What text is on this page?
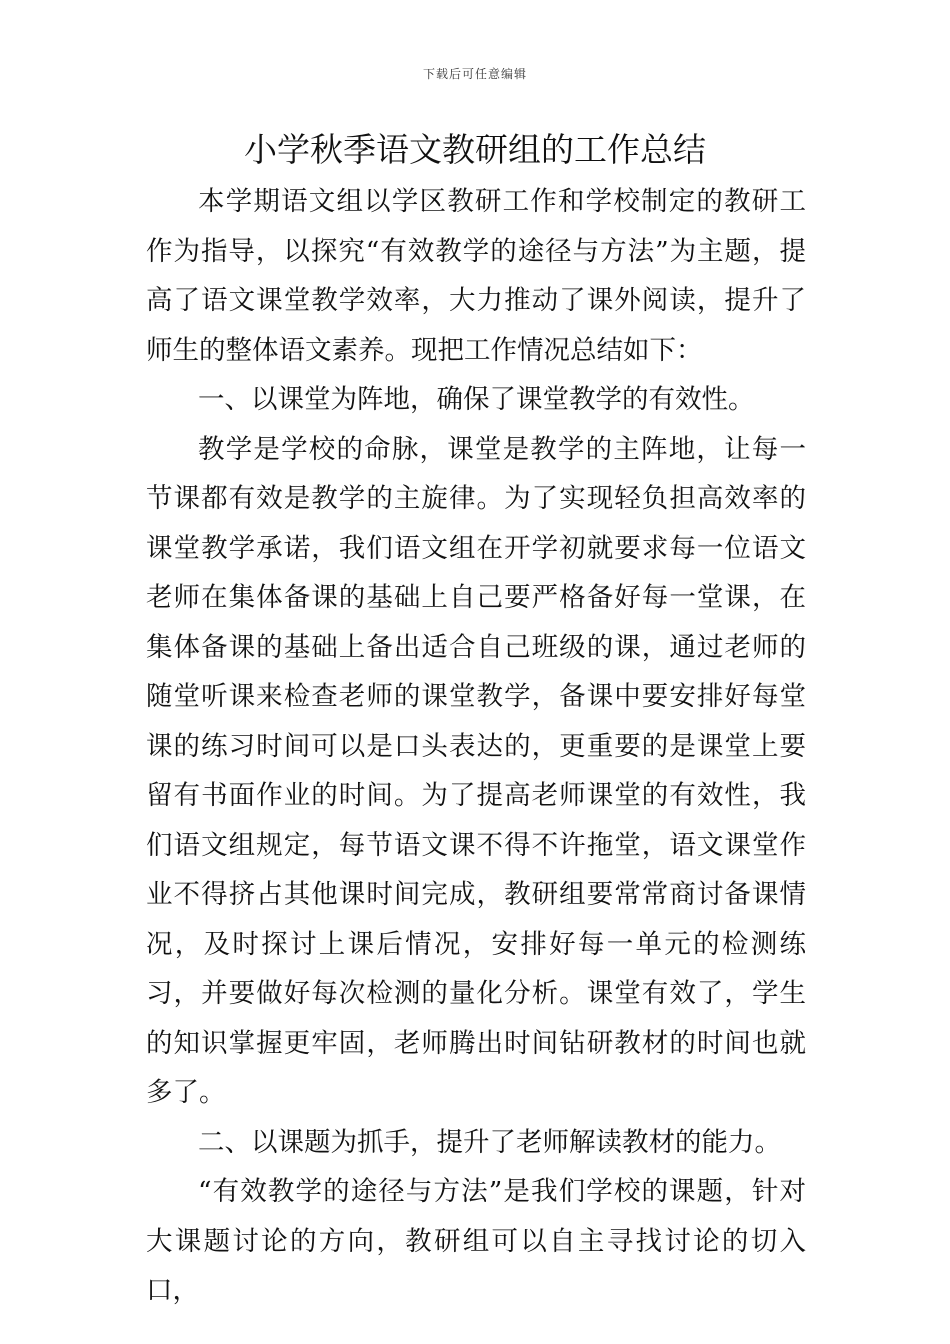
下载后可任意编辑
小学秋季语文教研组的工作总结

本学期语文组以学区教研工作和学校制定的教研工作为指导，以探究“有效教学的途径与方法”为主题，提高了语文课堂教学效率，大力推动了课外阅读，提升了师生的整体语文素养。现把工作情况总结如下：

一、以课堂为阵地，确保了课堂教学的有效性。

教学是学校的命脉，课堂是教学的主阵地，让每一节课都有效是教学的主旋律。为了实现轻负担高效率的课堂教学承诺，我们语文组在开学初就要求每一位语文老师在集体备课的基础上自己要严格备好每一堂课，在集体备课的基础上备出适合自己班级的课，通过老师的随堂听课来检查老师的课堂教学，备课中要安排好每堂课的练习时间可以是口头表达的，更重要的是课堂上要留有书面作业的时间。为了提高老师课堂的有效性，我们语文组规定，每节语文课不得不许拖堂，语文课堂作业不得挤占其他课时间完成，教研组要常常商讨备课情况，及时探讨上课后情况，安排好每一单元的检测练习，并要做好每次检测的量化分析。课堂有效了，学生的知识掌握更牢固，老师腾出时间钻研教材的时间也就多了。

二、以课题为抓手，提升了老师解读教材的能力。

“有效教学的途径与方法”是我们学校的课题，针对大课题讨论的方向，教研组可以自主寻找讨论的切入口，
